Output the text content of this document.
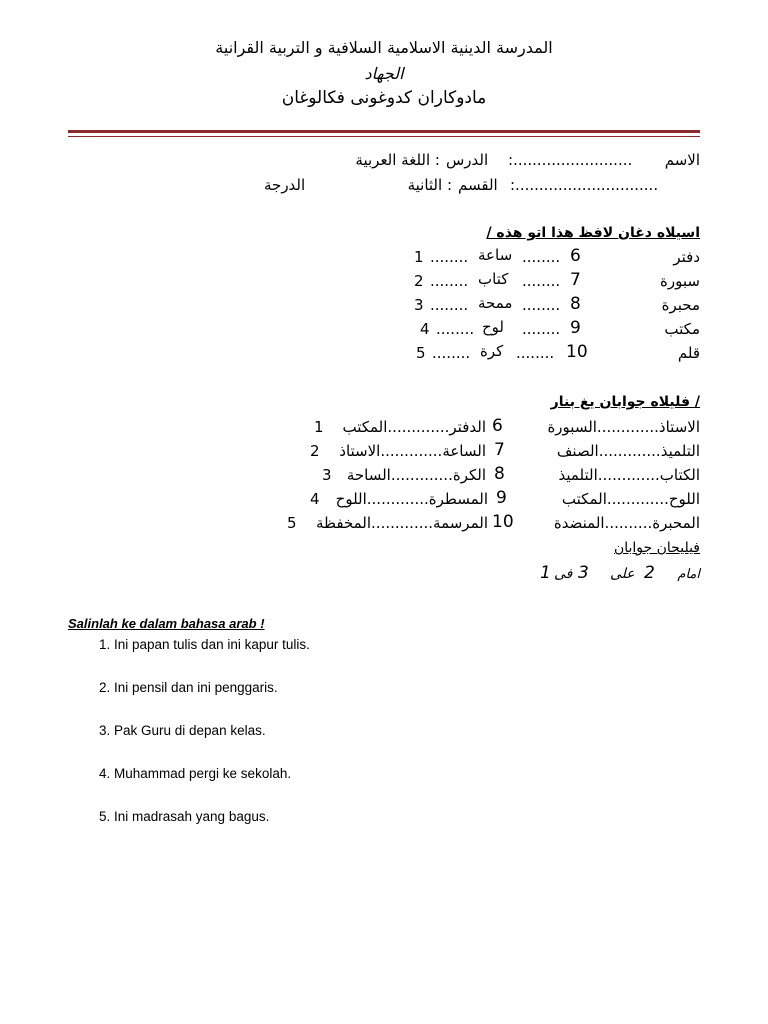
المدرسة الدينية الاسلامية السلافية و التربية القرانية
الجهاد
مادوكاران كدوغونى فكالوغان
الاسم
:.........................
الدرس
: اللغة العربية
:..............................
القسم
: الثانية
الدرجة
اسيلاه دغان لافظ هذا اتو هذه /
دفتر
6
........
ساعة
........
1
سبورة
7
........
كتاب
........
2
محبرة
8
........
ممحة
........
3
مكتب
9
........
لوح
........
4
قلم
10
........
كرة
........
5
/ فليلاه جوابان يغ بنار
الاستاذ.............السبورة
6
الدفتر.............المكتب
1
التلميذ.............الصنف
7
الساعة.............الاستاذ
2
الكتاب.............التلميذ
8
الكرة.............الساحة
3
اللوح.............المكتب
9
المسطرة.............اللوح
4
المحبرة..........المنضدة
10
المرسمة.............المخفظة
5
فيليحان جوابان
امام
2
على
3
فى
1
Salinlah ke dalam bahasa arab !
1. Ini papan tulis dan ini kapur tulis.
2. Ini pensil dan ini penggaris.
3. Pak Guru di depan kelas.
4. Muhammad pergi ke sekolah.
5. Ini madrasah yang bagus.
